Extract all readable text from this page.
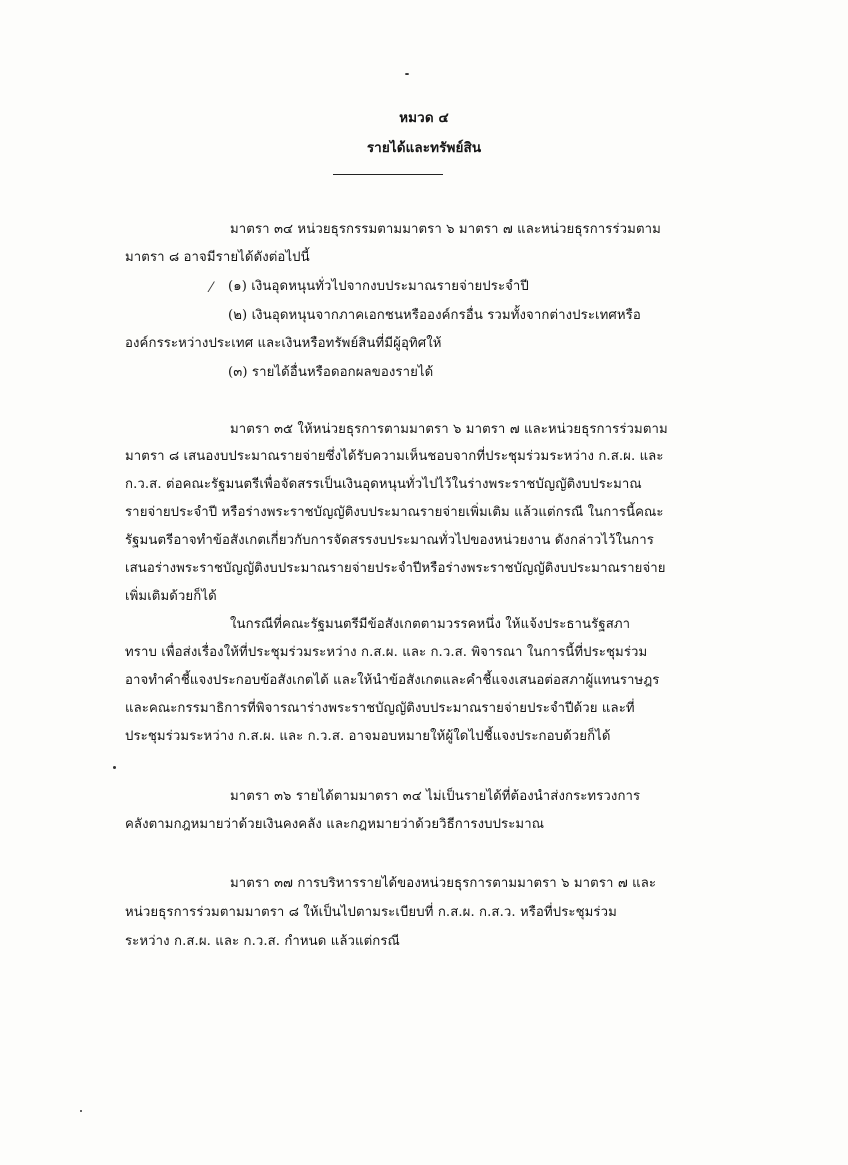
หมวด ๔

รายได้และทรัพย์สิน

มาตรา ๓๔ หน่วยธุรกรรมตามมาตรา ๖ มาตรา ๗ และหน่วยธุรการร่วมตาม

มาตรา ๘ อาจมีรายได้ดังต่อไปนี้

⁄ (๑) เงินอุดหนุนทั่วไปจากงบประมาณรายจ่ายประจำปี

(๒) เงินอุดหนุนจากภาคเอกชนหรือองค์กรอื่น รวมทั้งจากต่างประเทศหรือ

องค์กรระหว่างประเทศ และเงินหรือทรัพย์สินที่มีผู้อุทิศให้

(๓) รายได้อื่นหรือดอกผลของรายได้

มาตรา ๓๕ ให้หน่วยธุรการตามมาตรา ๖ มาตรา ๗ และหน่วยธุรการร่วมตาม

มาตรา ๘ เสนองบประมาณรายจ่ายซึ่งได้รับความเห็นชอบจากที่ประชุมร่วมระหว่าง ก.ส.ผ. และ

ก.ว.ส. ต่อคณะรัฐมนตรีเพื่อจัดสรรเป็นเงินอุดหนุนทั่วไปไว้ในร่างพระราชบัญญัติงบประมาณ

รายจ่ายประจำปี หรือร่างพระราชบัญญัติงบประมาณรายจ่ายเพิ่มเติม แล้วแต่กรณี ในการนี้คณะ

รัฐมนตรีอาจทำข้อสังเกตเกี่ยวกับการจัดสรรงบประมาณทั่วไปของหน่วยงาน ดังกล่าวไว้ในการ

เสนอร่างพระราชบัญญัติงบประมาณรายจ่ายประจำปีหรือร่างพระราชบัญญัติงบประมาณรายจ่าย

เพิ่มเติมด้วยก็ได้

ในกรณีที่คณะรัฐมนตรีมีข้อสังเกตตามวรรคหนึ่ง ให้แจ้งประธานรัฐสภา

ทราบ เพื่อส่งเรื่องให้ที่ประชุมร่วมระหว่าง ก.ส.ผ. และ ก.ว.ส. พิจารณา ในการนี้ที่ประชุมร่วม

อาจทำคำชี้แจงประกอบข้อสังเกตได้ และให้นำข้อสังเกตและคำชี้แจงเสนอต่อสภาผู้แทนราษฎร

และคณะกรรมาธิการที่พิจารณาร่างพระราชบัญญัติงบประมาณรายจ่ายประจำปีด้วย และที่

ประชุมร่วมระหว่าง ก.ส.ผ. และ ก.ว.ส. อาจมอบหมายให้ผู้ใดไปชี้แจงประกอบด้วยก็ได้

มาตรา ๓๖ รายได้ตามมาตรา ๓๔ ไม่เป็นรายได้ที่ต้องนำส่งกระทรวงการ

คลังตามกฎหมายว่าด้วยเงินคงคลัง และกฎหมายว่าด้วยวิธีการงบประมาณ

มาตรา ๓๗ การบริหารรายได้ของหน่วยธุรการตามมาตรา ๖ มาตรา ๗ และ

หน่วยธุรการร่วมตามมาตรา ๘ ให้เป็นไปตามระเบียบที่ ก.ส.ผ. ก.ส.ว. หรือที่ประชุมร่วม

ระหว่าง ก.ส.ผ. และ ก.ว.ส. กำหนด แล้วแต่กรณี
